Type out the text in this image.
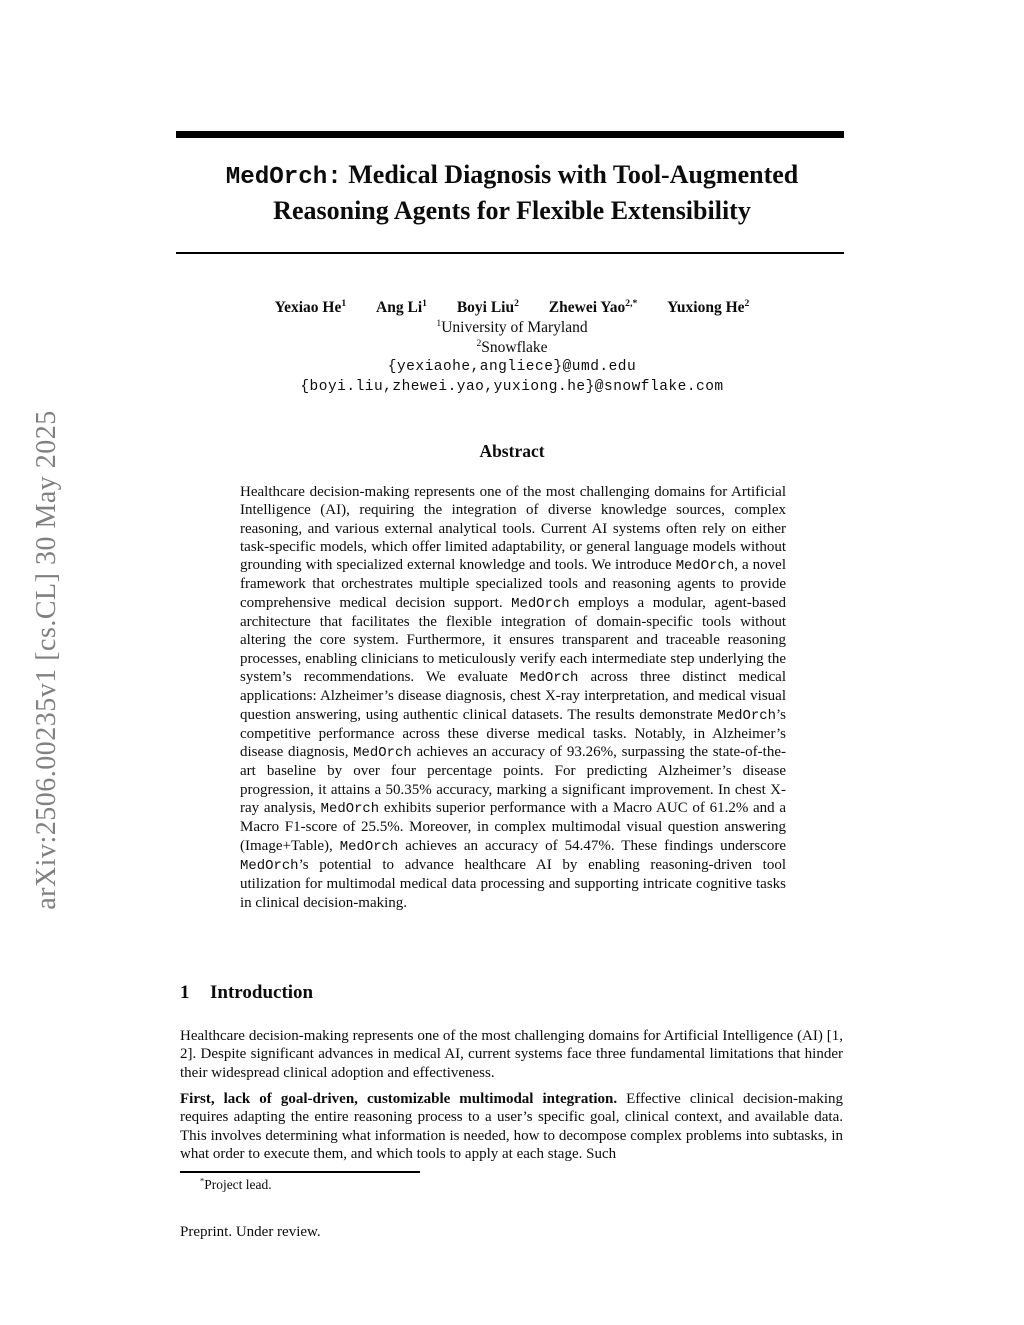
arXiv:2506.00235v1 [cs.CL] 30 May 2025
MedOrch: Medical Diagnosis with Tool-Augmented
Reasoning Agents for Flexible Extensibility
Yexiao He$^1$ Ang Li$^1$ Boyi Liu$^2$ Zhewei Yao$^{2,*}$ Yuxiong He$^2$
$^1$University of Maryland
$^2$Snowflake
{yexiaohe,angliece}@umd.edu
{boyi.liu,zhewei.yao,yuxiong.he}@snowflake.com
Abstract

Healthcare decision-making represents one of the most challenging domains for Artificial Intelligence (AI), requiring the integration of diverse knowledge sources, complex reasoning, and various external analytical tools. Current AI systems often rely on either task-specific models, which offer limited adaptability, or general language models without grounding with specialized external knowledge and tools. We introduce MedOrch, a novel framework that orchestrates multiple specialized tools and reasoning agents to provide comprehensive medical decision support. MedOrch employs a modular, agent-based architecture that facilitates the flexible integration of domain-specific tools without altering the core system. Furthermore, it ensures transparent and traceable reasoning processes, enabling clinicians to meticulously verify each intermediate step underlying the system’s recommendations. We evaluate MedOrch across three distinct medical applications: Alzheimer’s disease diagnosis, chest X-ray interpretation, and medical visual question answering, using authentic clinical datasets. The results demonstrate MedOrch’s competitive performance across these diverse medical tasks. Notably, in Alzheimer’s disease diagnosis, MedOrch achieves an accuracy of 93.26%, surpassing the state-of-the-art baseline by over four percentage points. For predicting Alzheimer’s disease progression, it attains a 50.35% accuracy, marking a significant improvement. In chest X-ray analysis, MedOrch exhibits superior performance with a Macro AUC of 61.2% and a Macro F1-score of 25.5%. Moreover, in complex multimodal visual question answering (Image+Table), MedOrch achieves an accuracy of 54.47%. These findings underscore MedOrch’s potential to advance healthcare AI by enabling reasoning-driven tool utilization for multimodal medical data processing and supporting intricate cognitive tasks in clinical decision-making.

1 Introduction

Healthcare decision-making represents one of the most challenging domains for Artificial Intelligence (AI) [1, 2]. Despite significant advances in medical AI, current systems face three fundamental limitations that hinder their widespread clinical adoption and effectiveness.

First, lack of goal-driven, customizable multimodal integration. Effective clinical decision-making requires adapting the entire reasoning process to a user’s specific goal, clinical context, and available data. This involves determining what information is needed, how to decompose complex problems into subtasks, in what order to execute them, and which tools to apply at each stage. Such

*Project lead.
Preprint. Under review.
